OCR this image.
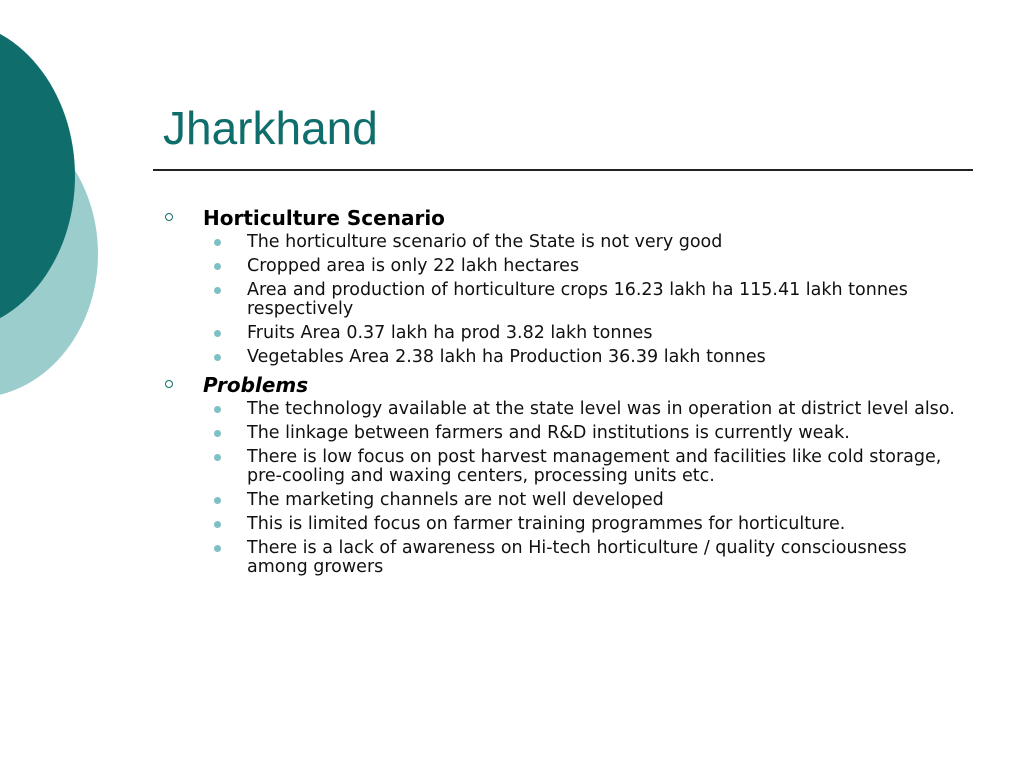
Jharkhand
Horticulture Scenario
The horticulture scenario of the State is not very good
Cropped area is only 22 lakh hectares
Area and production of horticulture crops 16.23 lakh ha 115.41 lakh tonnes respectively
Fruits Area 0.37 lakh ha prod 3.82 lakh tonnes
Vegetables Area 2.38 lakh ha Production 36.39 lakh tonnes
Problems
The technology available at the state level was in operation at district level also.
The linkage between farmers and R&D institutions is currently weak.
There is low focus on post harvest management and facilities like cold storage, pre-cooling and waxing centers, processing units etc.
The marketing channels are not well developed
This is limited focus on farmer training programmes for horticulture.
There is a lack of awareness on Hi-tech horticulture / quality consciousness among growers
